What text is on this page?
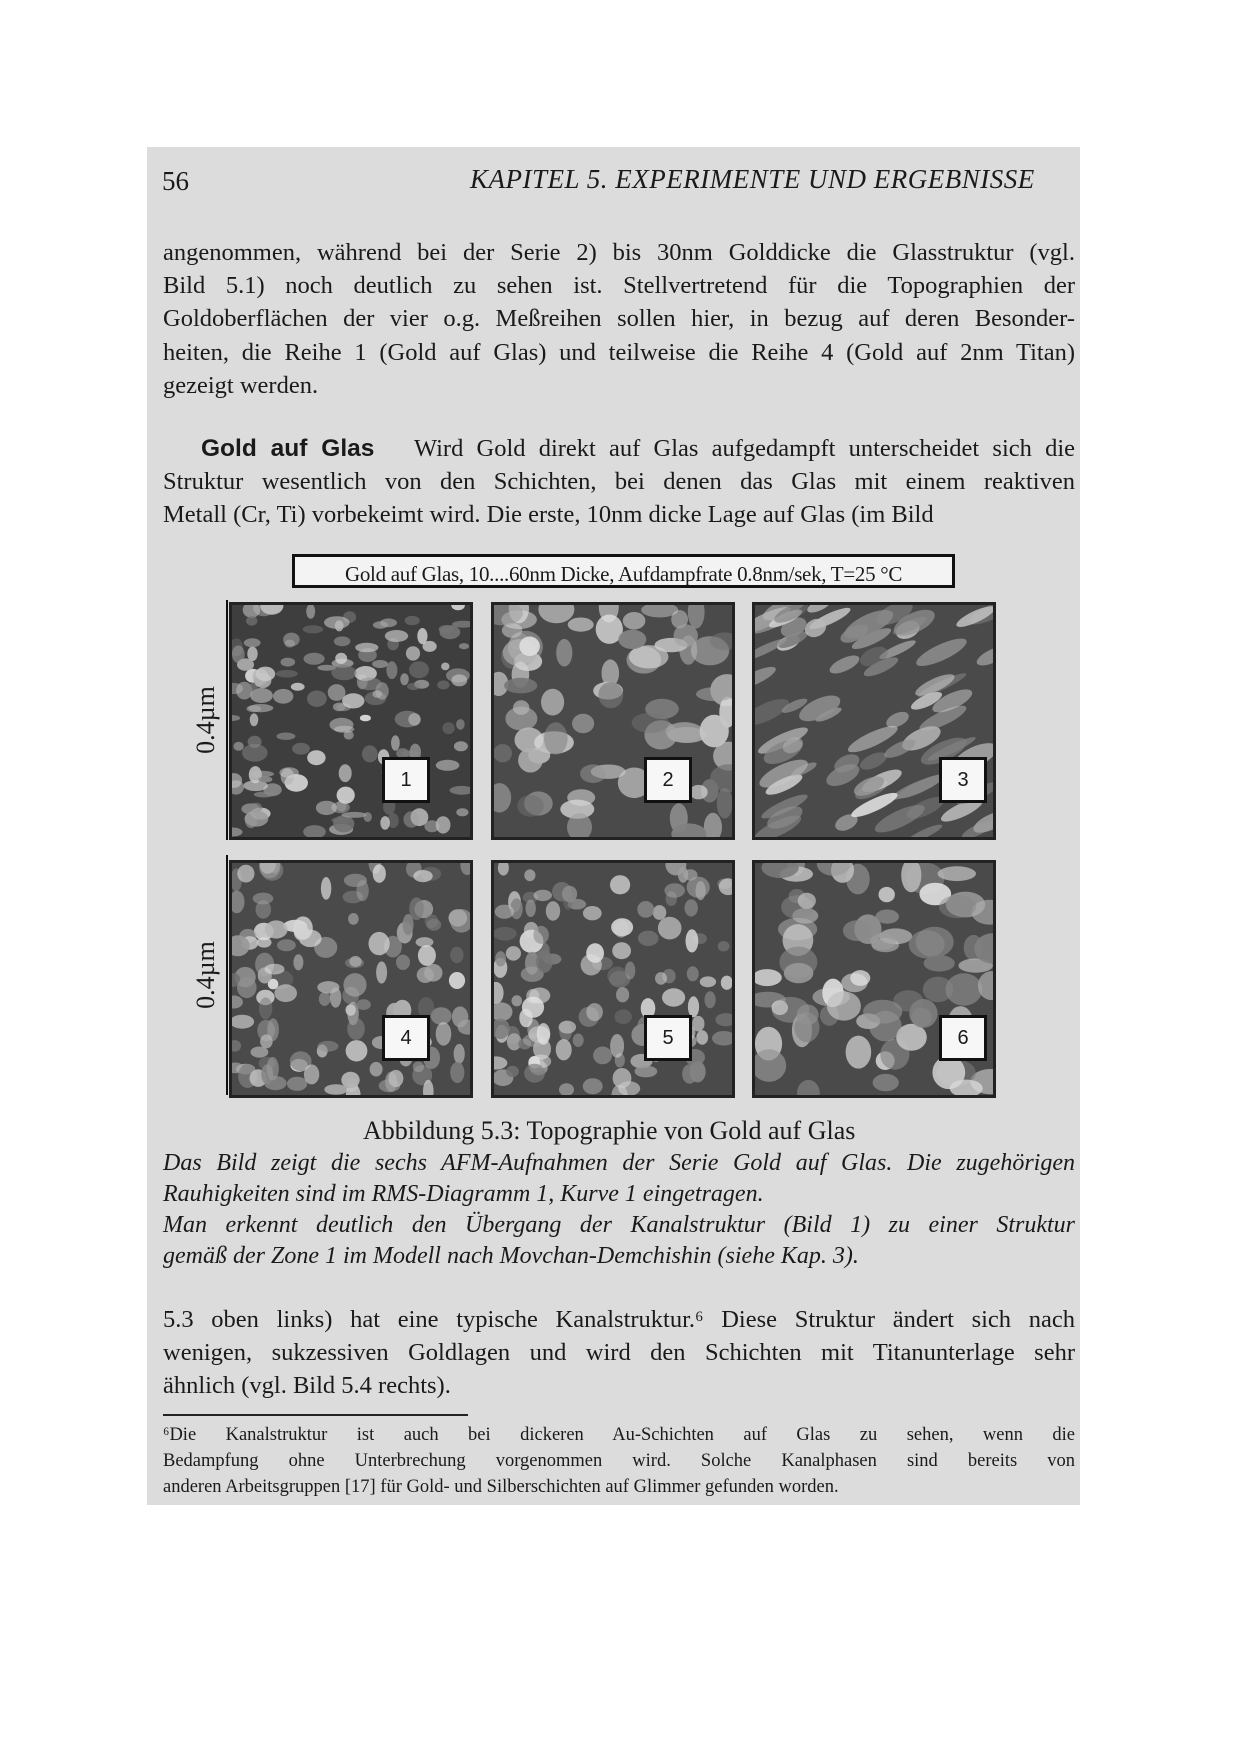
56	KAPITEL 5. EXPERIMENTE UND ERGEBNISSE
angenommen, während bei der Serie 2) bis 30nm Golddicke die Glasstruktur (vgl.
Bild 5.1) noch deutlich zu sehen ist. Stellvertretend für die Topographien der
Goldoberflächen der vier o.g. Meßreihen sollen hier, in bezug auf deren Besonder-
heiten, die Reihe 1 (Gold auf Glas) und teilweise die Reihe 4 (Gold auf 2nm Titan)
gezeigt werden.
Gold auf Glas Wird Gold direkt auf Glas aufgedampft unterscheidet sich die
Struktur wesentlich von den Schichten, bei denen das Glas mit einem reaktiven
Metall (Cr, Ti) vorbekeimt wird. Die erste, 10nm dicke Lage auf Glas (im Bild
Gold auf Glas, 10....60nm Dicke, Aufdampfrate 0.8nm/sek, T=25 °C
0.4µm
0.4µm
1	2	3
4	5	6
Abbildung 5.3: Topographie von Gold auf Glas
Das Bild zeigt die sechs AFM-Aufnahmen der Serie Gold auf Glas. Die zugehörigen
Rauhigkeiten sind im RMS-Diagramm 1, Kurve 1 eingetragen.
Man erkennt deutlich den Übergang der Kanalstruktur (Bild 1) zu einer Struktur
gemäß der Zone 1 im Modell nach Movchan-Demchishin (siehe Kap. 3).
5.3 oben links) hat eine typische Kanalstruktur.⁶ Diese Struktur ändert sich nach
wenigen, sukzessiven Goldlagen und wird den Schichten mit Titanunterlage sehr
ähnlich (vgl. Bild 5.4 rechts).
⁶Die Kanalstruktur ist auch bei dickeren Au-Schichten auf Glas zu sehen, wenn die
Bedampfung ohne Unterbrechung vorgenommen wird. Solche Kanalphasen sind bereits von
anderen Arbeitsgruppen [17] für Gold- und Silberschichten auf Glimmer gefunden worden.
